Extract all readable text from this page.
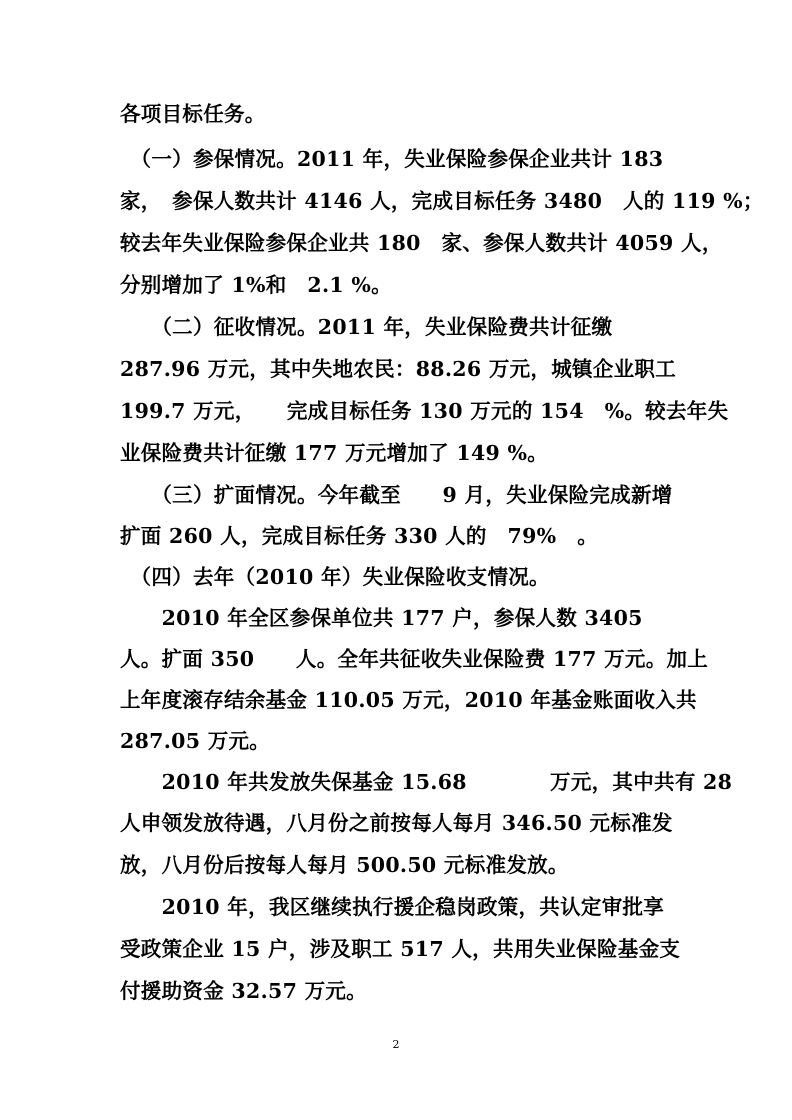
各项目标任务。
　（一）参保情况。2011 年，失业保险参保企业共计 183
家，　参保人数共计 4146 人，完成目标任务 3480　人的 119 %；
较去年失业保险参保企业共 180　家、参保人数共计 4059 人，
分别增加了 1%和　2.1 %。
　　（二）征收情况。2011 年，失业保险费共计征缴
287.96 万元，其中失地农民：88.26 万元，城镇企业职工
199.7 万元，　　完成目标任务 130 万元的 154　%。较去年失
业保险费共计征缴 177 万元增加了 149 %。
　　（三）扩面情况。今年截至　　9 月，失业保险完成新增
扩面 260 人，完成目标任务 330 人的　79%　。
　（四）去年（2010 年）失业保险收支情况。
　　2010 年全区参保单位共 177 户，参保人数 3405
人。扩面 350　　人。全年共征收失业保险费 177 万元。加上
上年度滚存结余基金 110.05 万元，2010 年基金账面收入共
287.05 万元。
　　2010 年共发放失保基金 15.68　　　　万元，其中共有 28
人申领发放待遇，八月份之前按每人每月 346.50 元标准发
放，八月份后按每人每月 500.50 元标准发放。
　　2010 年，我区继续执行援企稳岗政策，共认定审批享
受政策企业 15 户，涉及职工 517 人，共用失业保险基金支
付援助资金 32.57 万元。
2
